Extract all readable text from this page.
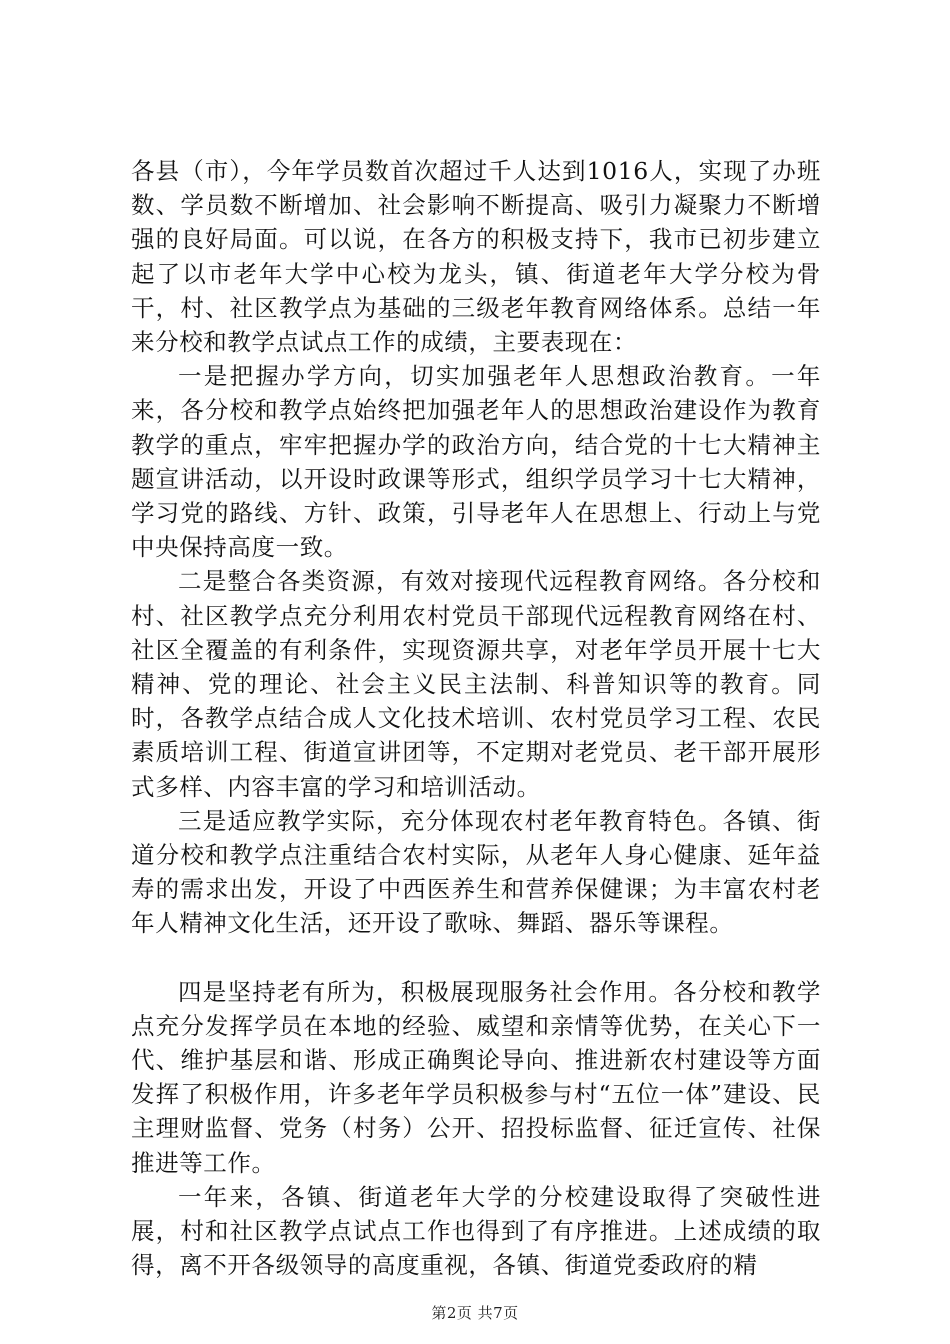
各县（市），今年学员数首次超过千人达到1016人，实现了办班数、学员数不断增加、社会影响不断提高、吸引力凝聚力不断增强的良好局面。可以说，在各方的积极支持下，我市已初步建立起了以市老年大学中心校为龙头，镇、街道老年大学分校为骨干，村、社区教学点为基础的三级老年教育网络体系。总结一年来分校和教学点试点工作的成绩，主要表现在：

一是把握办学方向，切实加强老年人思想政治教育。一年来，各分校和教学点始终把加强老年人的思想政治建设作为教育教学的重点，牢牢把握办学的政治方向，结合党的十七大精神主题宣讲活动，以开设时政课等形式，组织学员学习十七大精神，学习党的路线、方针、政策，引导老年人在思想上、行动上与党中央保持高度一致。

二是整合各类资源，有效对接现代远程教育网络。各分校和村、社区教学点充分利用农村党员干部现代远程教育网络在村、社区全覆盖的有利条件，实现资源共享，对老年学员开展十七大精神、党的理论、社会主义民主法制、科普知识等的教育。同时，各教学点结合成人文化技术培训、农村党员学习工程、农民素质培训工程、街道宣讲团等，不定期对老党员、老干部开展形式多样、内容丰富的学习和培训活动。

三是适应教学实际，充分体现农村老年教育特色。各镇、街道分校和教学点注重结合农村实际，从老年人身心健康、延年益寿的需求出发，开设了中西医养生和营养保健课；为丰富农村老年人精神文化生活，还开设了歌咏、舞蹈、器乐等课程。

四是坚持老有所为，积极展现服务社会作用。各分校和教学点充分发挥学员在本地的经验、威望和亲情等优势，在关心下一代、维护基层和谐、形成正确舆论导向、推进新农村建设等方面发挥了积极作用，许多老年学员积极参与村“五位一体”建设、民主理财监督、党务（村务）公开、招投标监督、征迁宣传、社保推进等工作。

一年来，各镇、街道老年大学的分校建设取得了突破性进展，村和社区教学点试点工作也得到了有序推进。上述成绩的取得，离不开各级领导的高度重视，各镇、街道党委政府的精

第2页 共7页
